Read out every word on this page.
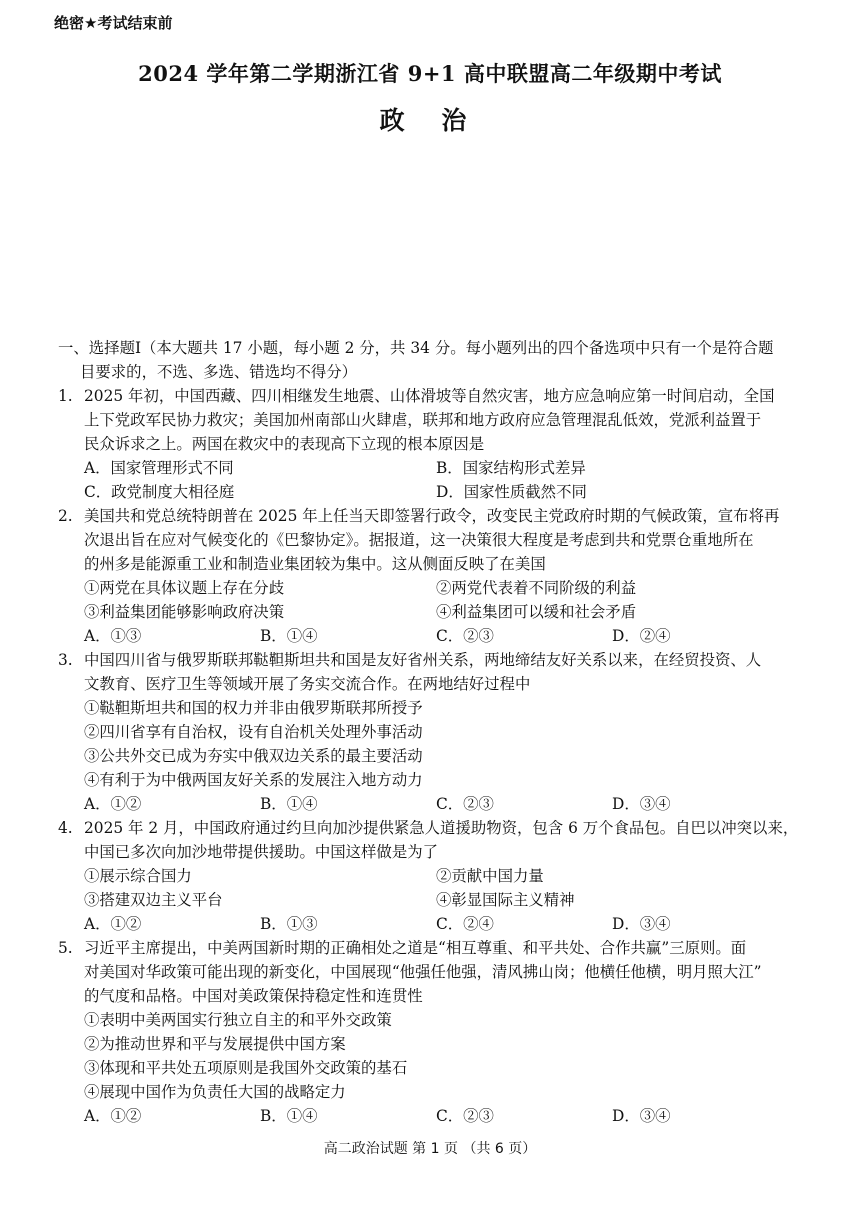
绝密★考试结束前
2024 学年第二学期浙江省 9+1 高中联盟高二年级期中考试
政 治
一、选择题Ⅰ（本大题共 17 小题，每小题 2 分，共 34 分。每小题列出的四个备选项中只有一个是符合题
目要求的，不选、多选、错选均不得分）
1. 2025 年初，中国西藏、四川相继发生地震、山体滑坡等自然灾害，地方应急响应第一时间启动，全国
上下党政军民协力救灾；美国加州南部山火肆虐，联邦和地方政府应急管理混乱低效，党派利益置于
民众诉求之上。两国在救灾中的表现高下立现的根本原因是
A．国家管理形式不同	B．国家结构形式差异
C．政党制度大相径庭	D．国家性质截然不同
2. 美国共和党总统特朗普在 2025 年上任当天即签署行政令，改变民主党政府时期的气候政策，宣布将再
次退出旨在应对气候变化的《巴黎协定》。据报道，这一决策很大程度是考虑到共和党票仓重地所在
的州多是能源重工业和制造业集团较为集中。这从侧面反映了在美国
①两党在具体议题上存在分歧	②两党代表着不同阶级的利益
③利益集团能够影响政府决策	④利益集团可以缓和社会矛盾
A．①③	B．①④	C．②③	D．②④
3. 中国四川省与俄罗斯联邦鞑靼斯坦共和国是友好省州关系，两地缔结友好关系以来，在经贸投资、人
文教育、医疗卫生等领域开展了务实交流合作。在两地结好过程中
①鞑靼斯坦共和国的权力并非由俄罗斯联邦所授予
②四川省享有自治权，设有自治机关处理外事活动
③公共外交已成为夯实中俄双边关系的最主要活动
④有利于为中俄两国友好关系的发展注入地方动力
A．①②	B．①④	C．②③	D．③④
4. 2025 年 2 月，中国政府通过约旦向加沙提供紧急人道援助物资，包含 6 万个食品包。自巴以冲突以来，
中国已多次向加沙地带提供援助。中国这样做是为了
①展示综合国力	②贡献中国力量
③搭建双边主义平台	④彰显国际主义精神
A．①②	B．①③	C．②④	D．③④
5. 习近平主席提出，中美两国新时期的正确相处之道是“相互尊重、和平共处、合作共赢”三原则。面
对美国对华政策可能出现的新变化，中国展现“他强任他强，清风拂山岗；他横任他横，明月照大江”
的气度和品格。中国对美政策保持稳定性和连贯性
①表明中美两国实行独立自主的和平外交政策
②为推动世界和平与发展提供中国方案
③体现和平共处五项原则是我国外交政策的基石
④展现中国作为负责任大国的战略定力
A．①②	B．①④	C．②③	D．③④
高二政治试题 第 1 页 （共 6 页）
